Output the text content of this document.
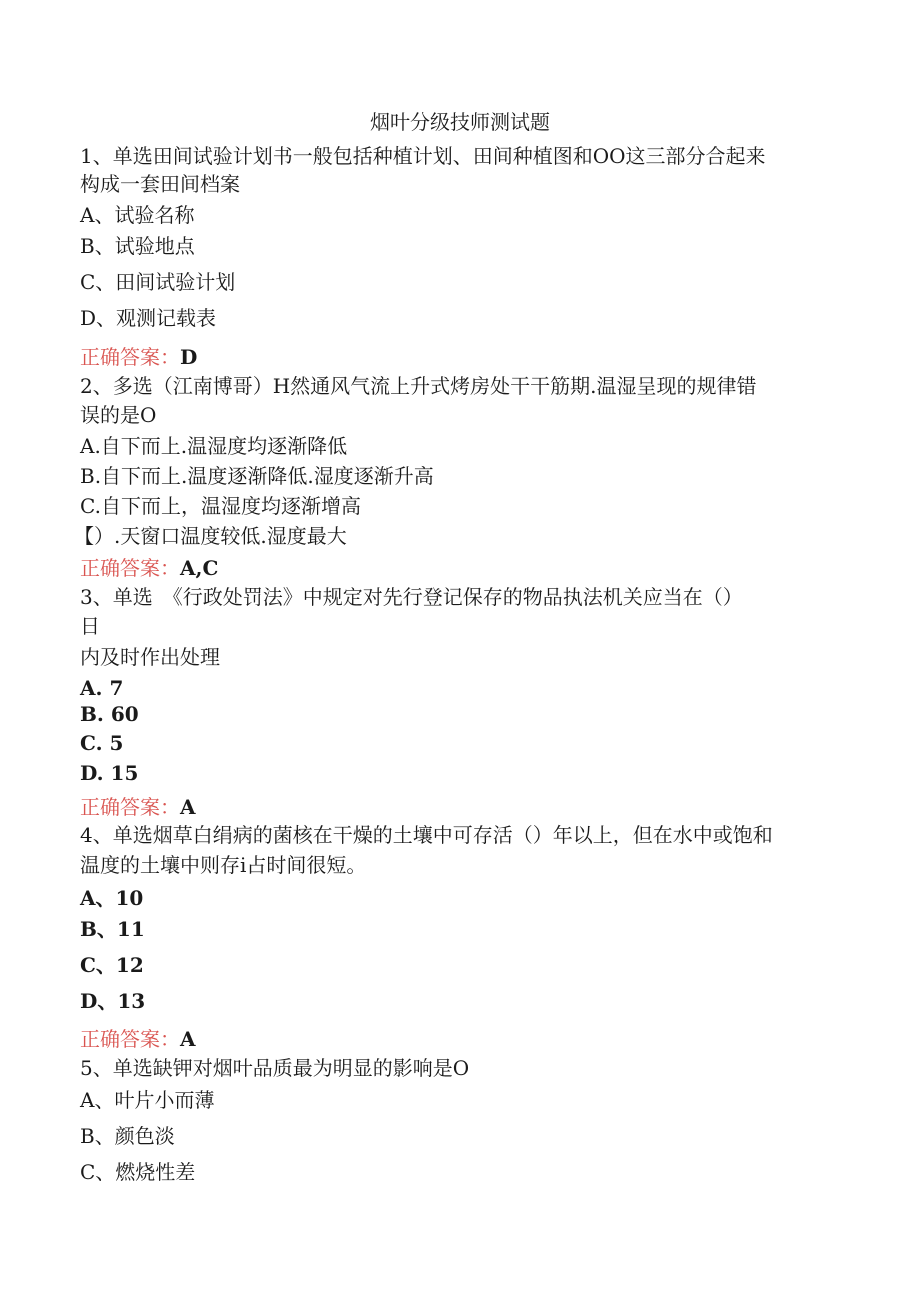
烟叶分级技师测试题
1、单选田间试验计划书一般包括种植计划、田间种植图和OO这三部分合起来
构成一套田间档案
A、试验名称
B、试验地点
C、田间试验计划
D、观测记载表
正确答案：D
2、多选（江南博哥）H然通风气流上升式烤房处干干筋期.温湿呈现的规律错
误的是O
A.自下而上.温湿度均逐渐降低
B.自下而上.温度逐渐降低.湿度逐渐升高
C.自下而上，温湿度均逐渐增高
【）.天窗口温度较低.湿度最大
正确答案：A,C
3、单选　《行政处罚法》中规定对先行登记保存的物品执法机关应当在（）
日
内及时作出处理
A. 7
B. 60
C. 5
D. 15
正确答案：A
4、单选烟草白绢病的菌核在干燥的土壤中可存活（）年以上，但在水中或饱和
温度的土壤中则存i占时间很短。
A、10
B、11
C、12
D、13
正确答案：A
5、单选缺钾对烟叶品质最为明显的影响是O
A、叶片小而薄
B、颜色淡
C、燃烧性差
